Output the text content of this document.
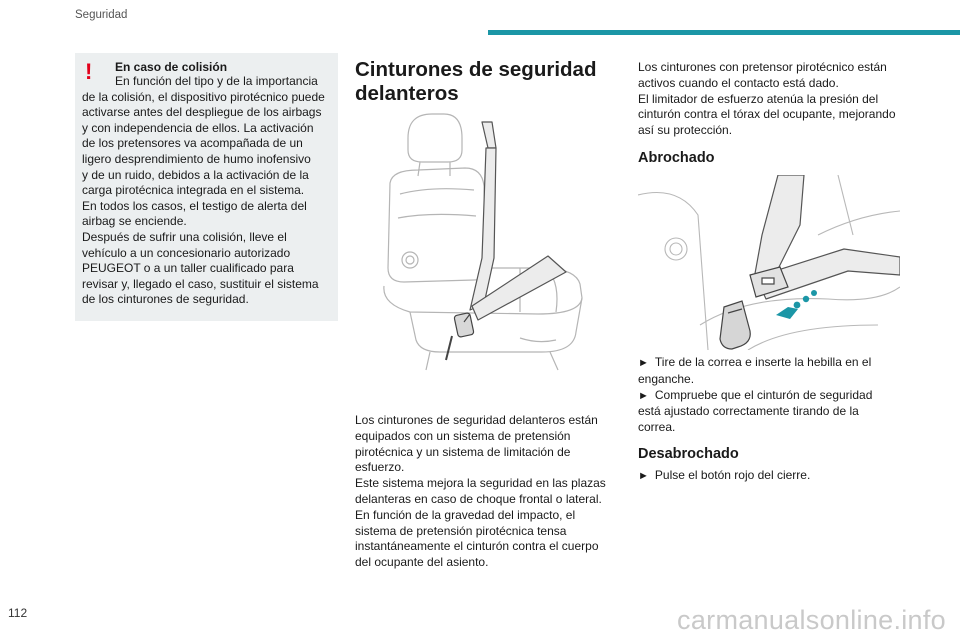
Seguridad
! En caso de colisión

En función del tipo y de la importancia
de la colisión, el dispositivo pirotécnico puede
activarse antes del despliegue de los airbags
y con independencia de ellos. La activación
de los pretensores va acompañada de un
ligero desprendimiento de humo inofensivo
y de un ruido, debidos a la activación de la
carga pirotécnica integrada en el sistema.
En todos los casos, el testigo de alerta del
airbag se enciende.
Después de sufrir una colisión, lleve el
vehículo a un concesionario autorizado
PEUGEOT o a un taller cualificado para
revisar y, llegado el caso, sustituir el sistema
de los cinturones de seguridad.

Cinturones de seguridad delanteros

Los cinturones de seguridad delanteros están
equipados con un sistema de pretensión
pirotécnica y un sistema de limitación de
esfuerzo.
Este sistema mejora la seguridad en las plazas
delanteras en caso de choque frontal o lateral.
En función de la gravedad del impacto, el
sistema de pretensión pirotécnica tensa
instantáneamente el cinturón contra el cuerpo
del ocupante del asiento.

Los cinturones con pretensor pirotécnico están
activos cuando el contacto está dado.
El limitador de esfuerzo atenúa la presión del
cinturón contra el tórax del ocupante, mejorando
así su protección.

Abrochado

► Tire de la correa e inserte la hebilla en el
enganche.
► Compruebe que el cinturón de seguridad
está ajustado correctamente tirando de la
correa.

Desabrochado

► Pulse el botón rojo del cierre.

112	carmanualsonline.info
